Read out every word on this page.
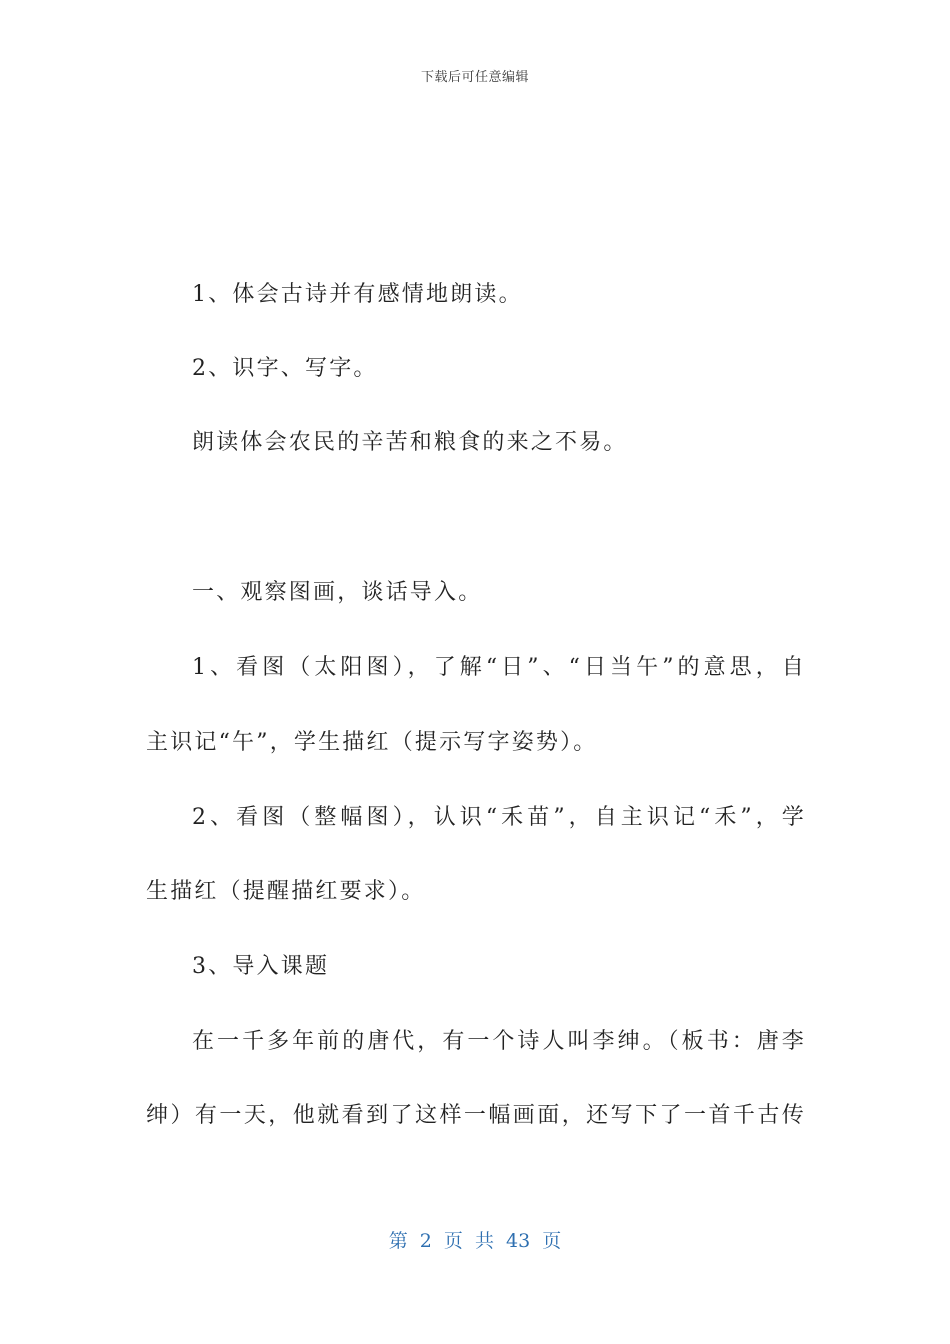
下载后可任意编辑
1、体会古诗并有感情地朗读。
2、识字、写字。
朗读体会农民的辛苦和粮食的来之不易。
一、观察图画，谈话导入。
1、看图（太阳图），了解“日”、“日当午”的意思，自
主识记“午”，学生描红（提示写字姿势）。
2、看图（整幅图），认识“禾苗”，自主识记“禾”，学
生描红（提醒描红要求）。
3、导入课题
在一千多年前的唐代，有一个诗人叫李绅。（板书：唐李
绅）有一天，他就看到了这样一幅画面，还写下了一首千古传
第 2 页 共 43 页
